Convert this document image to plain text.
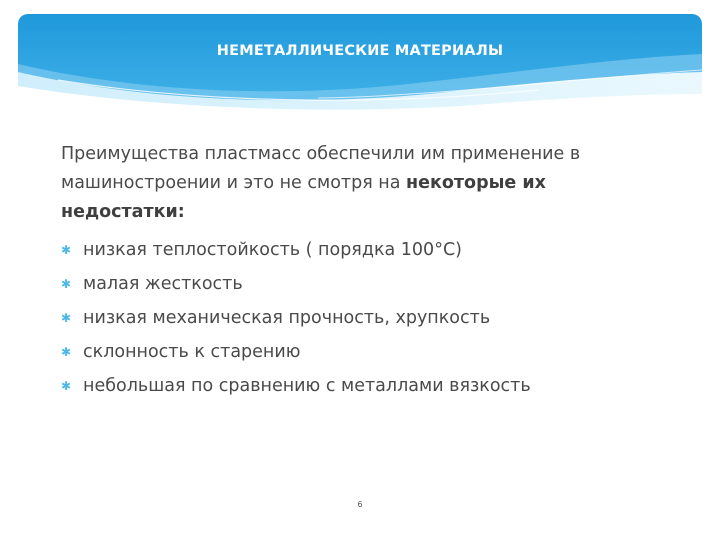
НЕМЕТАЛЛИЧЕСКИЕ МАТЕРИАЛЫ
Преимущества пластмасс обеспечили им применение в машиностроении и это не смотря на некоторые их недостатки:
✱ низкая теплостойкость ( порядка 100°С)
✱ малая жесткость
✱ низкая механическая прочность, хрупкость
✱ склонность к старению
✱ небольшая по сравнению с металлами вязкость
6
